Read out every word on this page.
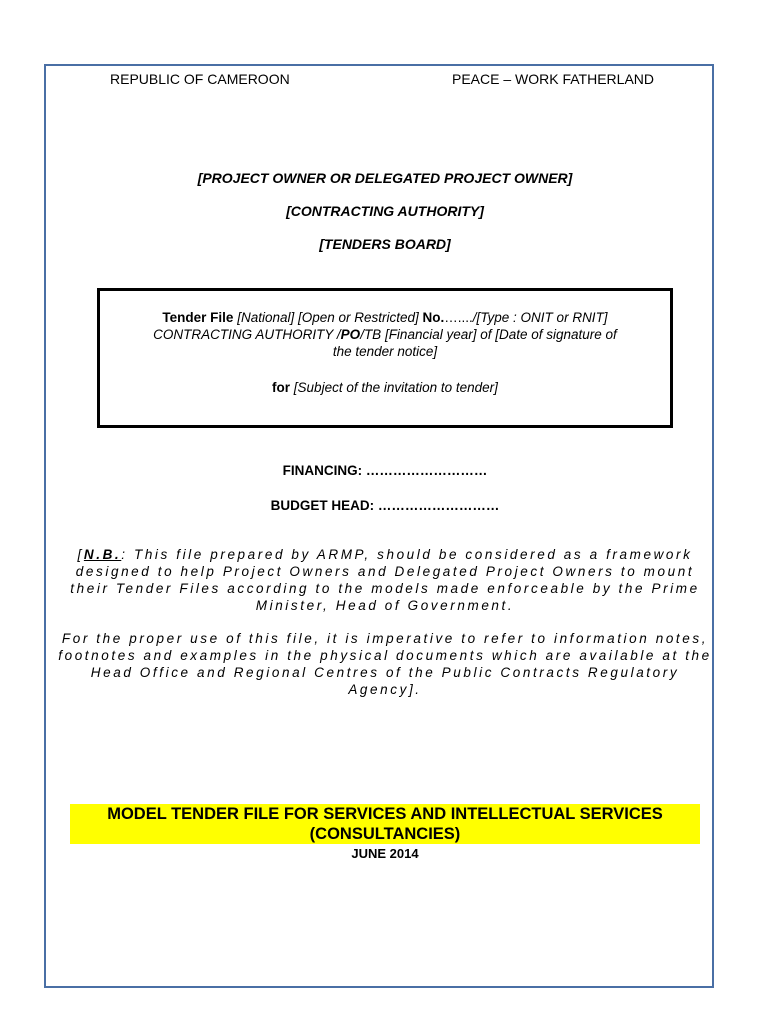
REPUBLIC OF CAMEROON	PEACE – WORK FATHERLAND
[PROJECT OWNER OR DELEGATED PROJECT OWNER]
[CONTRACTING AUTHORITY]
[TENDERS BOARD]
Tender File [National] [Open or Restricted] No.…..../[Type : ONIT or RNIT]
CONTRACTING AUTHORITY /PO/TB [Financial year] of [Date of signature of
the tender notice]
for [Subject of the invitation to tender]
FINANCING: ………………………
BUDGET HEAD: ………………………
[N.B.: This file prepared by ARMP, should be considered as a framework designed to help Project Owners and Delegated Project Owners to mount their Tender Files according to the models made enforceable by the Prime Minister, Head of Government.
For the proper use of this file, it is imperative to refer to information notes, footnotes and examples in the physical documents which are available at the Head Office and Regional Centres of the Public Contracts Regulatory Agency].
MODEL TENDER FILE FOR SERVICES AND INTELLECTUAL SERVICES
(CONSULTANCIES)
JUNE 2014
